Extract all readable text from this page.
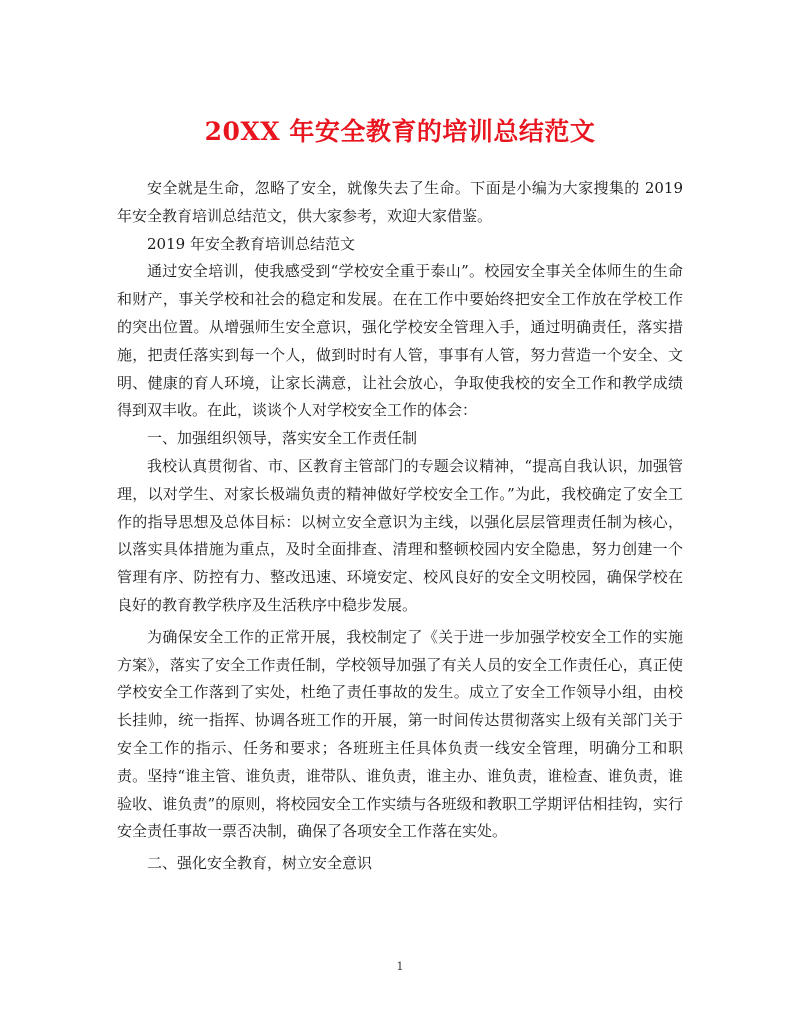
20XX 年安全教育的培训总结范文

安全就是生命，忽略了安全，就像失去了生命。下面是小编为大家搜集的 2019 年安全教育培训总结范文，供大家参考，欢迎大家借鉴。

2019 年安全教育培训总结范文

通过安全培训，使我感受到“学校安全重于泰山”。校园安全事关全体师生的生命和财产，事关学校和社会的稳定和发展。在在工作中要始终把安全工作放在学校工作的突出位置。从增强师生安全意识，强化学校安全管理入手，通过明确责任，落实措施，把责任落实到每一个人，做到时时有人管，事事有人管，努力营造一个安全、文明、健康的育人环境，让家长满意，让社会放心，争取使我校的安全工作和教学成绩得到双丰收。在此，谈谈个人对学校安全工作的体会：

一、加强组织领导，落实安全工作责任制

我校认真贯彻省、市、区教育主管部门的专题会议精神，“提高自我认识，加强管理，以对学生、对家长极端负责的精神做好学校安全工作。”为此，我校确定了安全工作的指导思想及总体目标：以树立安全意识为主线，以强化层层管理责任制为核心，以落实具体措施为重点，及时全面排查、清理和整顿校园内安全隐患，努力创建一个管理有序、防控有力、整改迅速、环境安定、校风良好的安全文明校园，确保学校在良好的教育教学秩序及生活秩序中稳步发展。

为确保安全工作的正常开展，我校制定了《关于进一步加强学校安全工作的实施方案》，落实了安全工作责任制，学校领导加强了有关人员的安全工作责任心，真正使学校安全工作落到了实处，杜绝了责任事故的发生。成立了安全工作领导小组，由校长挂帅，统一指挥、协调各班工作的开展，第一时间传达贯彻落实上级有关部门关于安全工作的指示、任务和要求；各班班主任具体负责一线安全管理，明确分工和职责。坚持“谁主管、谁负责，谁带队、谁负责，谁主办、谁负责，谁检查、谁负责，谁验收、谁负责”的原则，将校园安全工作实绩与各班级和教职工学期评估相挂钩，实行安全责任事故一票否决制，确保了各项安全工作落在实处。

二、强化安全教育，树立安全意识

1
